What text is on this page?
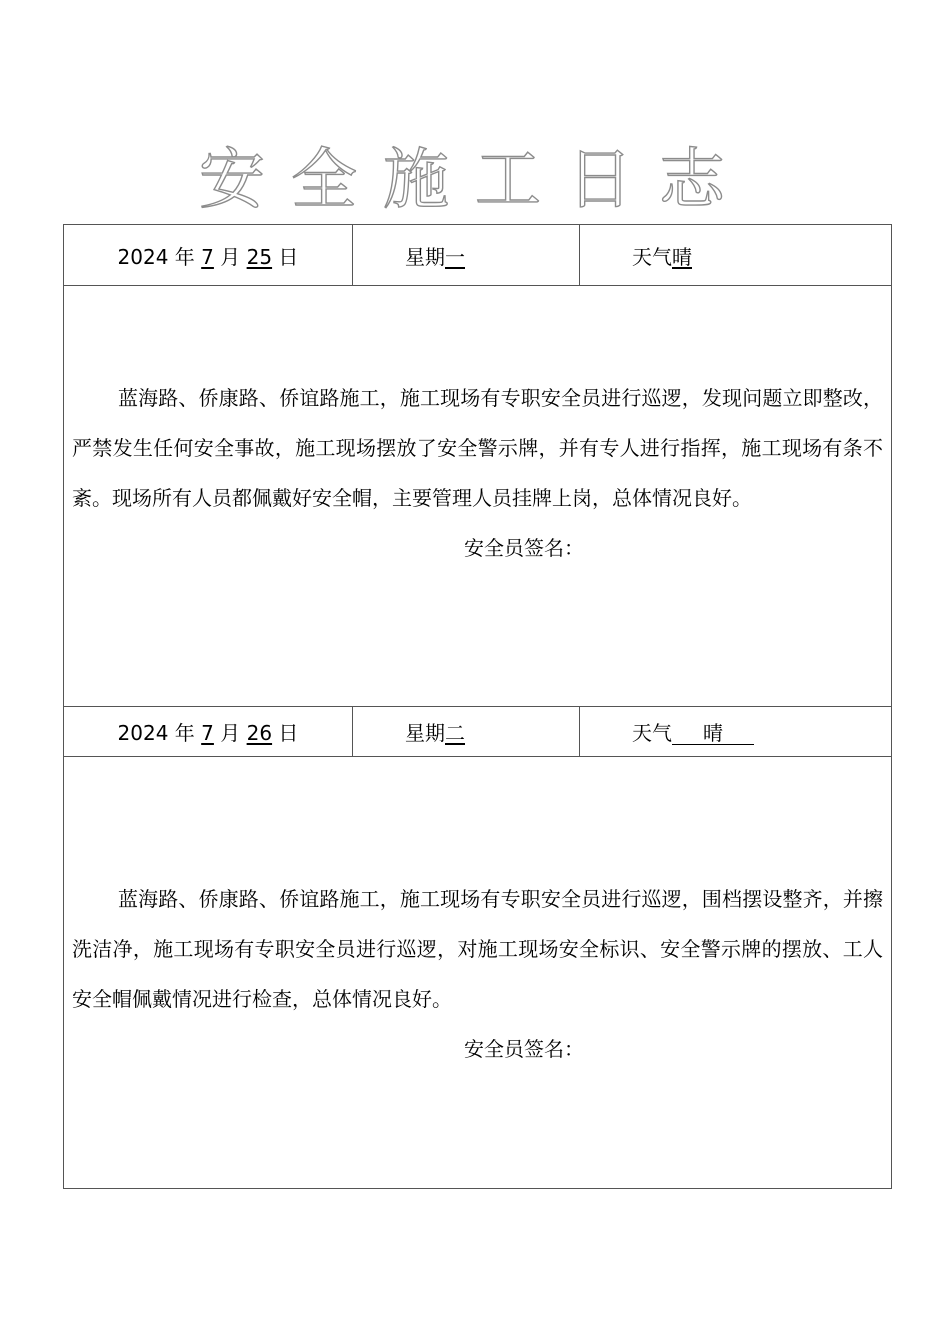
安全施工日志
2024 年 7 月 25 日	星期一	天气晴

蓝海路、侨康路、侨谊路施工，施工现场有专职安全员进行巡逻，发现问题立即整改，严禁发生任何安全事故，施工现场摆放了安全警示牌，并有专人进行指挥，施工现场有条不紊。现场所有人员都佩戴好安全帽，主要管理人员挂牌上岗，总体情况良好。

安全员签名：		

2024 年 7 月 26 日	星期二	天气 晴

蓝海路、侨康路、侨谊路施工，施工现场有专职安全员进行巡逻，围档摆设整齐，并擦洗洁净，施工现场有专职安全员进行巡逻，对施工现场安全标识、安全警示牌的摆放、工人安全帽佩戴情况进行检查，总体情况良好。

安全员签名：		
